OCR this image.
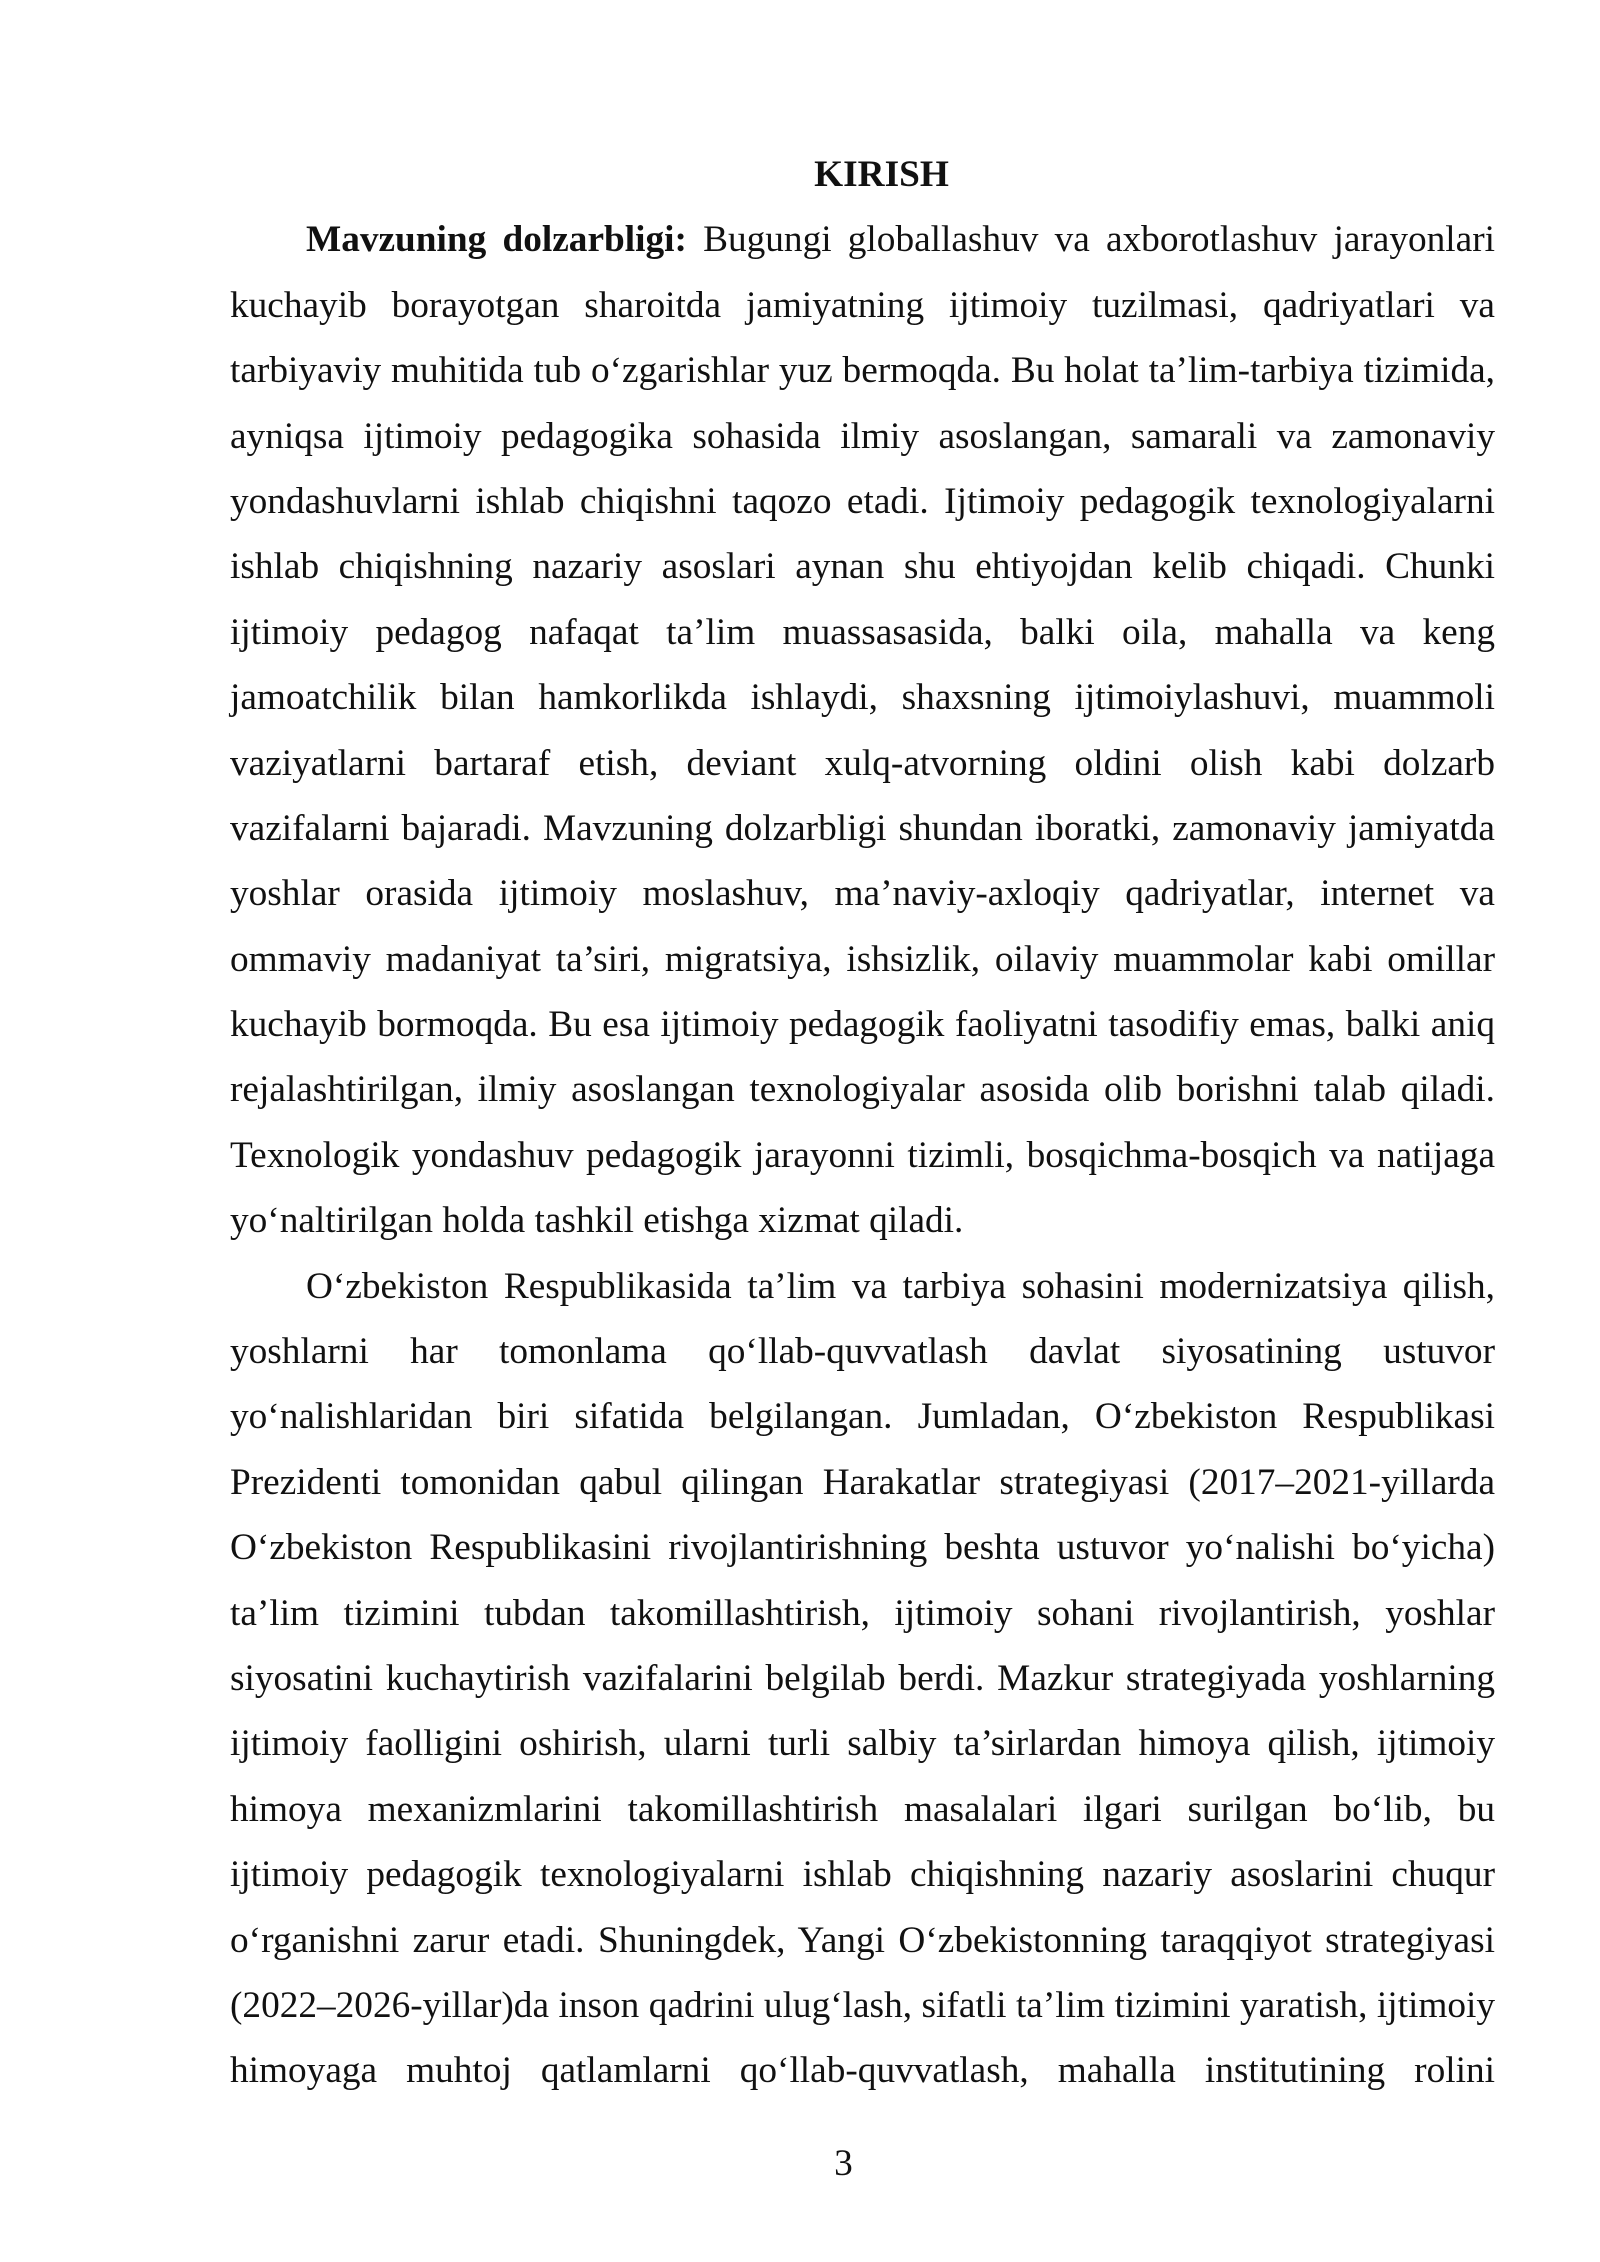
KIRISH
Mavzuning dolzarbligi: Bugungi globallashuv va axborotlashuv jarayonlari
kuchayib borayotgan sharoitda jamiyatning ijtimoiy tuzilmasi, qadriyatlari va
tarbiyaviy muhitida tub o‘zgarishlar yuz bermoqda. Bu holat ta’lim-tarbiya tizimida,
ayniqsa ijtimoiy pedagogika sohasida ilmiy asoslangan, samarali va zamonaviy
yondashuvlarni ishlab chiqishni taqozo etadi. Ijtimoiy pedagogik texnologiyalarni
ishlab chiqishning nazariy asoslari aynan shu ehtiyojdan kelib chiqadi. Chunki
ijtimoiy pedagog nafaqat ta’lim muassasasida, balki oila, mahalla va keng
jamoatchilik bilan hamkorlikda ishlaydi, shaxsning ijtimoiylashuvi, muammoli
vaziyatlarni bartaraf etish, deviant xulq-atvorning oldini olish kabi dolzarb
vazifalarni bajaradi. Mavzuning dolzarbligi shundan iboratki, zamonaviy jamiyatda
yoshlar orasida ijtimoiy moslashuv, ma’naviy-axloqiy qadriyatlar, internet va
ommaviy madaniyat ta’siri, migratsiya, ishsizlik, oilaviy muammolar kabi omillar
kuchayib bormoqda. Bu esa ijtimoiy pedagogik faoliyatni tasodifiy emas, balki aniq
rejalashtirilgan, ilmiy asoslangan texnologiyalar asosida olib borishni talab qiladi.
Texnologik yondashuv pedagogik jarayonni tizimli, bosqichma-bosqich va natijaga
yo‘naltirilgan holda tashkil etishga xizmat qiladi.
O‘zbekiston Respublikasida ta’lim va tarbiya sohasini modernizatsiya qilish,
yoshlarni har tomonlama qo‘llab-quvvatlash davlat siyosatining ustuvor
yo‘nalishlaridan biri sifatida belgilangan. Jumladan, O‘zbekiston Respublikasi
Prezidenti tomonidan qabul qilingan Harakatlar strategiyasi (2017–2021-yillarda
O‘zbekiston Respublikasini rivojlantirishning beshta ustuvor yo‘nalishi bo‘yicha)
ta’lim tizimini tubdan takomillashtirish, ijtimoiy sohani rivojlantirish, yoshlar
siyosatini kuchaytirish vazifalarini belgilab berdi. Mazkur strategiyada yoshlarning
ijtimoiy faolligini oshirish, ularni turli salbiy ta’sirlardan himoya qilish, ijtimoiy
himoya mexanizmlarini takomillashtirish masalalari ilgari surilgan bo‘lib, bu
ijtimoiy pedagogik texnologiyalarni ishlab chiqishning nazariy asoslarini chuqur
o‘rganishni zarur etadi. Shuningdek, Yangi O‘zbekistonning taraqqiyot strategiyasi
(2022–2026-yillar)da inson qadrini ulug‘lash, sifatli ta’lim tizimini yaratish, ijtimoiy
himoyaga muhtoj qatlamlarni qo‘llab-quvvatlash, mahalla institutining rolini
3
